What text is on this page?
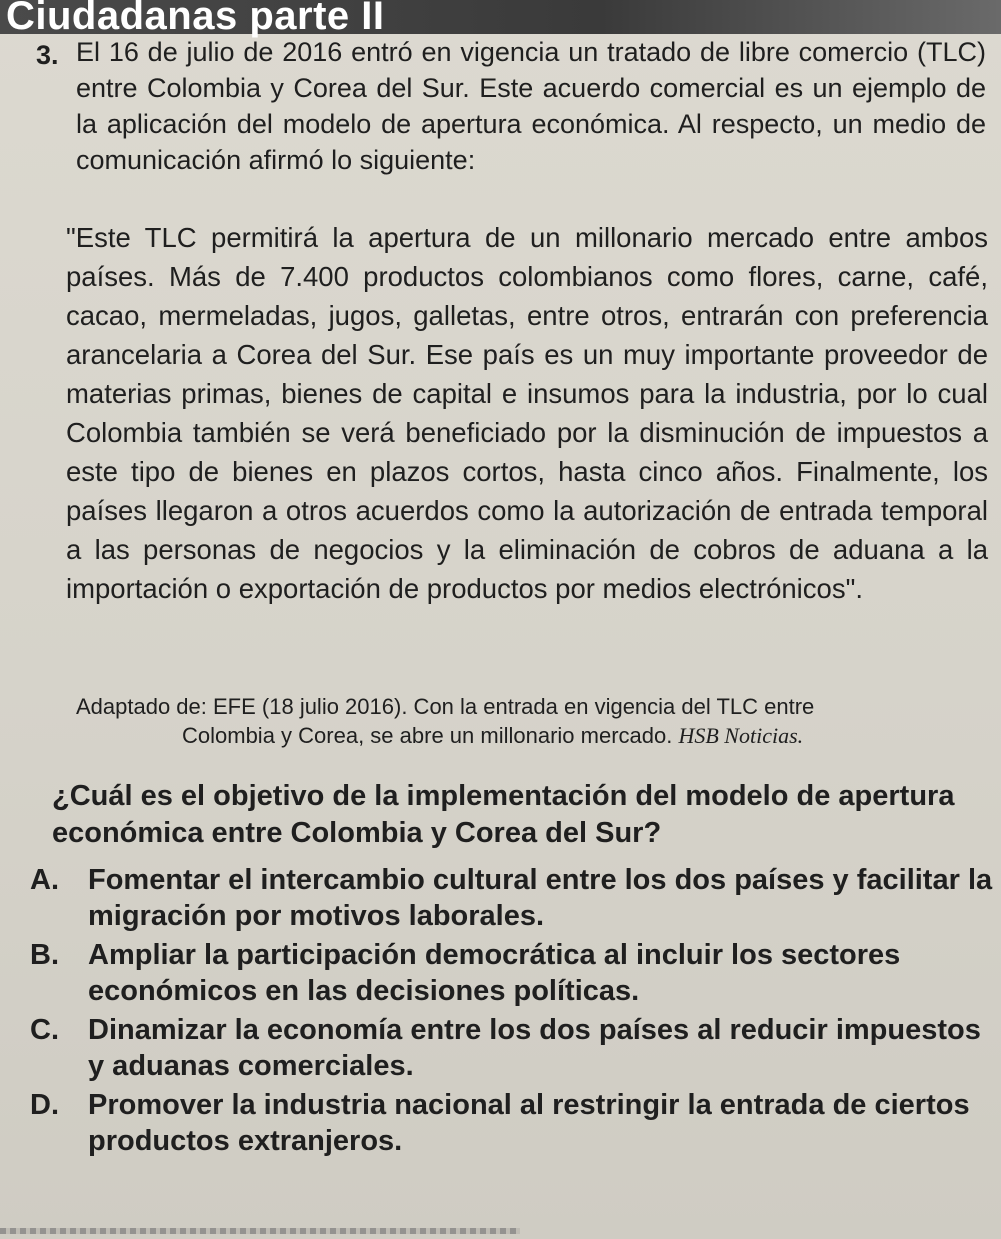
Ciudadanas parte II
3. El 16 de julio de 2016 entró en vigencia un tratado de libre comercio (TLC) entre Colombia y Corea del Sur. Este acuerdo comercial es un ejemplo de la aplicación del modelo de apertura económica. Al respecto, un medio de comunicación afirmó lo siguiente:

"Este TLC permitirá la apertura de un millonario mercado entre ambos países. Más de 7.400 productos colombianos como flores, carne, café, cacao, mermeladas, jugos, galletas, entre otros, entrarán con preferencia arancelaria a Corea del Sur. Ese país es un muy importante proveedor de materias primas, bienes de capital e insumos para la industria, por lo cual Colombia también se verá beneficiado por la disminución de impuestos a este tipo de bienes en plazos cortos, hasta cinco años. Finalmente, los países llegaron a otros acuerdos como la autorización de entrada temporal a las personas de negocios y la eliminación de cobros de aduana a la importación o exportación de productos por medios electrónicos".

Adaptado de: EFE (18 julio 2016). Con la entrada en vigencia del TLC entre
Colombia y Corea, se abre un millonario mercado. HSB Noticias.

¿Cuál es el objetivo de la implementación del modelo de apertura económica entre Colombia y Corea del Sur?

A. Fomentar el intercambio cultural entre los dos países y facilitar la migración por motivos laborales.
B. Ampliar la participación democrática al incluir los sectores económicos en las decisiones políticas.
C. Dinamizar la economía entre los dos países al reducir impuestos y aduanas comerciales.
D. Promover la industria nacional al restringir la entrada de ciertos productos extranjeros.
